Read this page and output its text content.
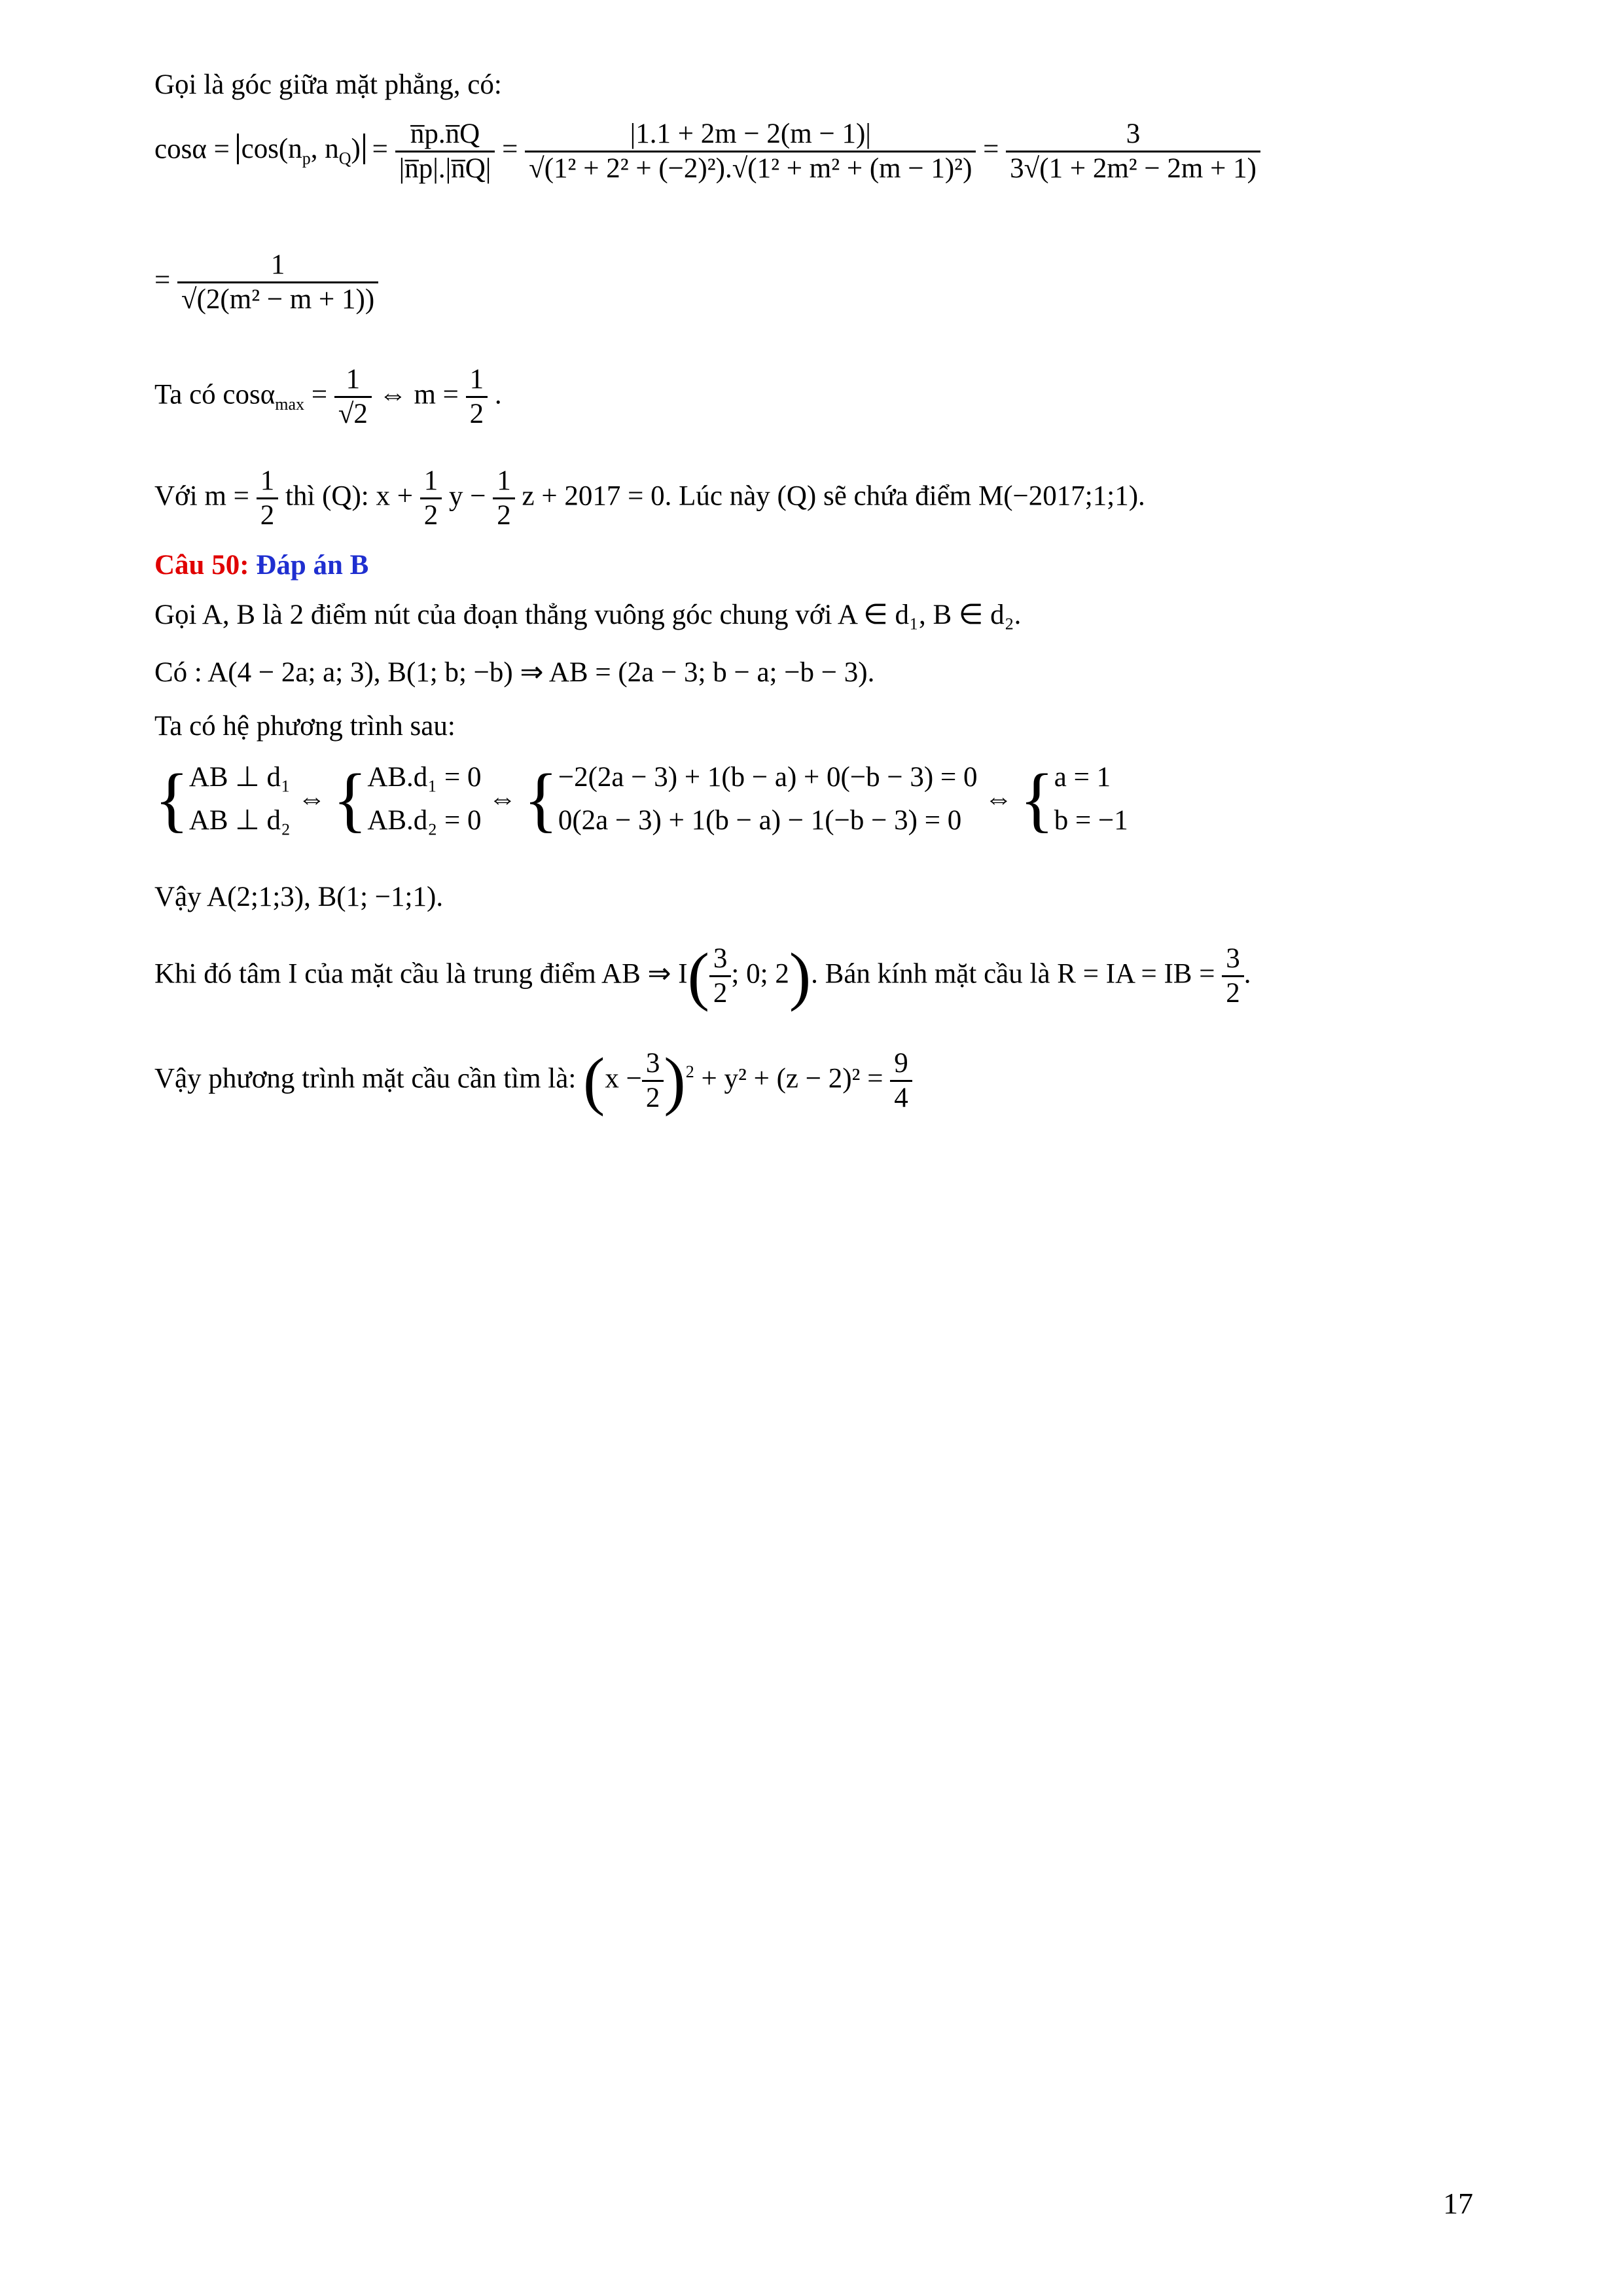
Gọi là góc giữa mặt phẳng, có:
$\cos\alpha = \cos(n_p$, $n_Q) = \frac{n̅p.n̅Q}{|n̅p|.|n̅Q|} = \frac{|1.1 + 2m - 2(m - 1)|}{\text{√(1² + 2² + (−2)²).√(1² + m² + (m − 1)²)}} = \frac{3}{\text{3√(1 + 2m² − 2m + 1)}}$
= $\frac{1}{\text{√(2(m² − m + 1))}}$
Ta có $\cos\alpha_{max} = \frac{1}{√2}$ ⇔ $m = \frac{1}{2}$ .
Với $m = \frac{1}{2}$ thì (Q): $x + \frac{1}{2}$ $y - \frac{1}{2}$ z + 2017 = 0. Lúc này (Q) sẽ chứa điểm M(−2017;1;1).
Câu 50: Đáp án B
Gọi A, B là 2 điểm nút của đoạn thẳng vuông góc chung với A ∈ d₁, B ∈ d₂.
Có : A(4 − 2a; a; 3), B(1; b; −b) ⇒ AB = (2a − 3; b − a; −b − 3).
Ta có hệ phương trình sau:
{ AB ⊥ d₁
AB ⊥ d₂
⇔ { AB.d₁ = 0
AB.d₂ = 0
⇔ { −2(2a − 3) + 1(b − a) + 0(−b − 3) = 0
0(2a − 3) + 1(b − a) − 1(−b − 3) = 0
⇔ { a = 1
b = −1
Vậy A(2;1;3), B(1; −1;1).
Khi đó tâm I của mặt cầu là trung điểm AB ⇒ $I( \frac{3}{2}$ ; 0; 2). Bán kính mặt cầu là R = IA = IB = $\frac{3}{2}$ .
Vậy phương trình mặt cầu cần tìm là: $(x - \frac{3}{2} )^2 + y^2 + (z - 2)^2 = \frac{9}{4}$
17
